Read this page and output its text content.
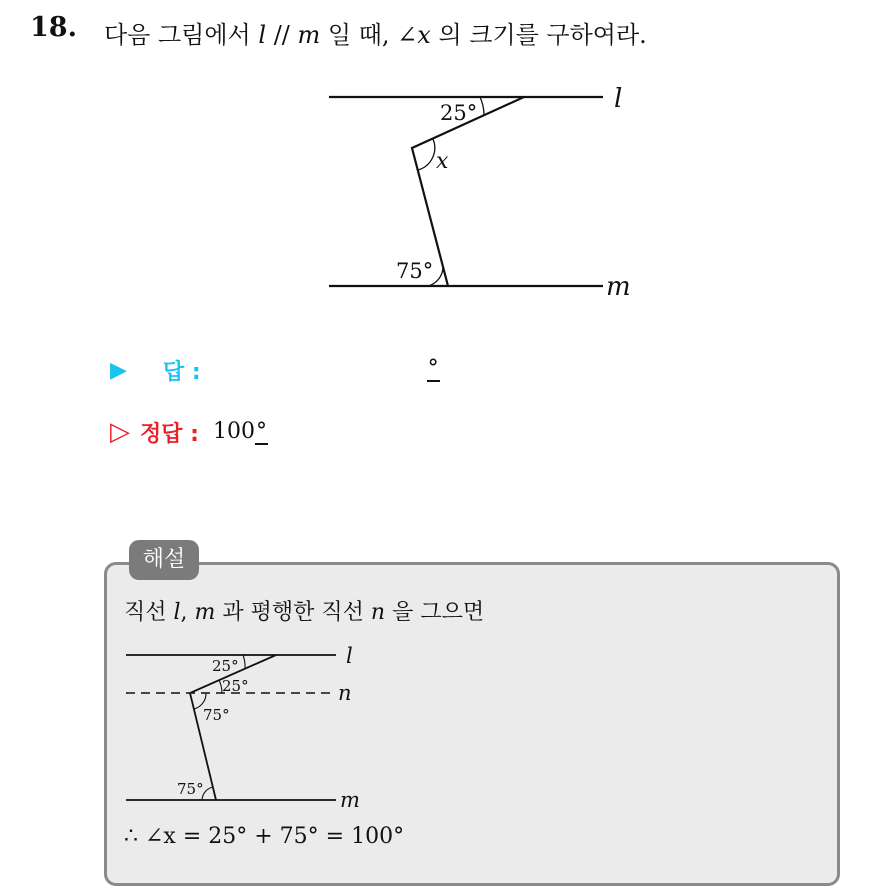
18. 다음 그림에서 l // m 일 때, ∠x 의 크기를 구하여라.
l
m
25°
x
75°
▶ 답 :	°
▷ 정답 : 100°
해설
직선 l, m 과 평행한 직선 n 을 그으면
l
n
m
25°
25°
75°
75°
∴ ∠x = 25° + 75° = 100°
